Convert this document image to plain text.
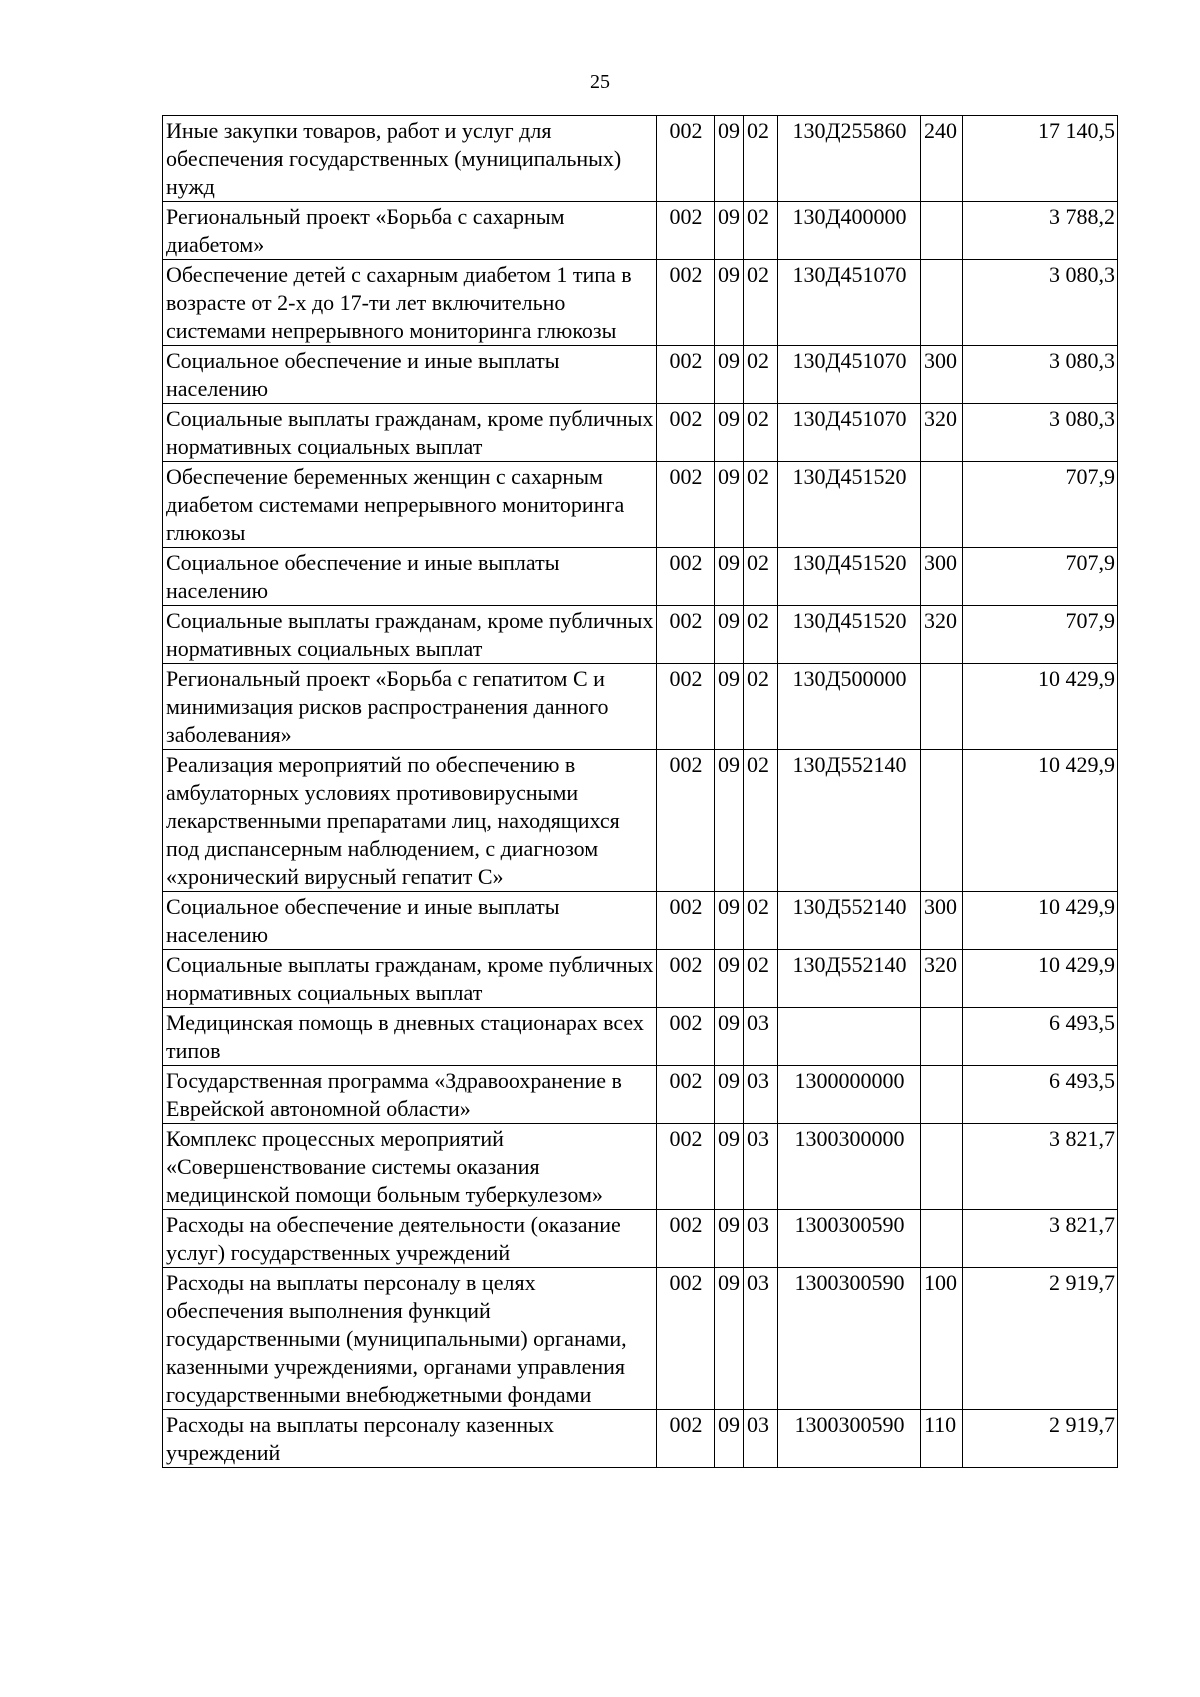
25
Иные закупки товаров, работ и услуг для обеспечения государственных (муниципальных) нужд	002	09	02	130Д255860	240	17 140,5
Региональный проект «Борьба с сахарным диабетом»	002	09	02	130Д400000		3 788,2
Обеспечение детей с сахарным диабетом 1 типа в возрасте от 2-х до 17-ти лет включительно системами непрерывного мониторинга глюкозы	002	09	02	130Д451070		3 080,3
Социальное обеспечение и иные выплаты населению	002	09	02	130Д451070	300	3 080,3
Социальные выплаты гражданам, кроме публичных нормативных социальных выплат	002	09	02	130Д451070	320	3 080,3
Обеспечение беременных женщин с сахарным диабетом системами непрерывного мониторинга глюкозы	002	09	02	130Д451520		707,9
Социальное обеспечение и иные выплаты населению	002	09	02	130Д451520	300	707,9
Социальные выплаты гражданам, кроме публичных нормативных социальных выплат	002	09	02	130Д451520	320	707,9
Региональный проект «Борьба с гепатитом С и минимизация рисков распространения данного заболевания»	002	09	02	130Д500000		10 429,9
Реализация мероприятий по обеспечению в амбулаторных условиях противовирусными лекарственными препаратами лиц, находящихся под диспансерным наблюдением, с диагнозом «хронический вирусный гепатит С»	002	09	02	130Д552140		10 429,9
Социальное обеспечение и иные выплаты населению	002	09	02	130Д552140	300	10 429,9
Социальные выплаты гражданам, кроме публичных нормативных социальных выплат	002	09	02	130Д552140	320	10 429,9
Медицинская помощь в дневных стационарах всех типов	002	09	03			6 493,5
Государственная программа «Здравоохранение в Еврейской автономной области»	002	09	03	1300000000		6 493,5
Комплекс процессных мероприятий «Совершенствование системы оказания медицинской помощи больным туберкулезом»	002	09	03	1300300000		3 821,7
Расходы на обеспечение деятельности (оказание услуг) государственных учреждений	002	09	03	1300300590		3 821,7
Расходы на выплаты персоналу в целях обеспечения выполнения функций государственными (муниципальными) органами, казенными учреждениями, органами управления государственными внебюджетными фондами	002	09	03	1300300590	100	2 919,7
Расходы на выплаты персоналу казенных учреждений	002	09	03	1300300590	110	2 919,7
